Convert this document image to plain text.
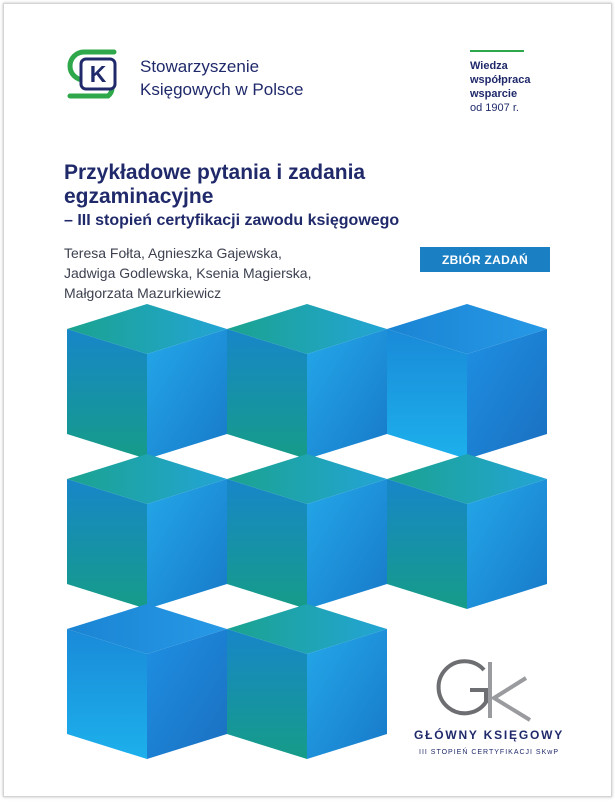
K Stowarzyszenie
Księgowych w Polsce
Wiedza
współpraca
wsparcie
od 1907 r.
Przykładowe pytania i zadania
egzaminacyjne
– III stopień certyfikacji zawodu księgowego
Teresa Fołta, Agnieszka Gajewska,
Jadwiga Godlewska, Ksenia Magierska,
Małgorzata Mazurkiewicz
ZBIÓR ZADAŃ
GŁÓWNY KSIĘGOWY
III STOPIEŃ CERTYFIKACJI SKwP
